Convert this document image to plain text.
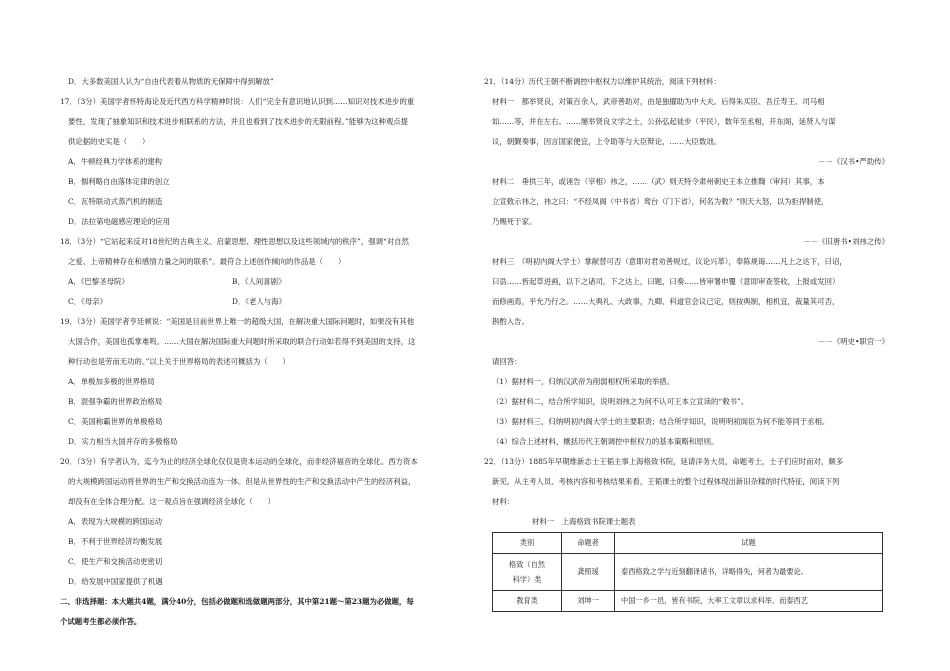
D．大多数美国人认为“自由代表着从物质的无保障中得到解放”
17．（3分）美国学者怀特海论及近代西方科学精神时说：人们“完全有意识地认识到……知识对技术进步的重
要性，发现了抽象知识和技术进步相联系的方法，并且也看到了技术进步的无限前程。”能够为这种观点提
供论据的史实是（　　）
A．牛顿经典力学体系的建构
B．伽利略自由落体定律的创立
C．瓦特联动式蒸汽机的制造
D．法拉第电磁感应理论的应用
18．（3分）“它站起来反对18世纪的古典主义、启蒙思想、理性思想以及这些领域内的秩序”，强调“对自然
之爱、上帝精神存在和感情力量之间的联系”。最符合上述创作倾向的作品是（　　）
A．《巴黎圣母院》	B．《人间喜剧》
C．《母亲》	D．《老人与海》
19．（3分）美国学者亨廷顿说：“美国是目前世界上唯一的超级大国，在解决重大国际问题时，如果没有其他
大国合作，美国也孤掌难鸣。……大国在解决国际重大问题时所采取的联合行动如若得不到美国的支持，这
种行动也是劳而无功的。”以上关于世界格局的表述可概括为（　　）
A．单极加多极的世界格局
B．混强争霸的世界政治格局
C．美国称霸世界的单极格局
D．实力相当大国并存的多极格局
20．（3分）有学者认为，迄今为止的经济全球化仅仅是资本运动的全球化，而非经济福音的全球化。西方资本
的大规模跨国运动将世界的生产和交换活动连为一体。但是从世界性的生产和交换活动中产生的经济利益，
却没有在全体合理分配。这一观点旨在强调经济全球化（　　）
A．表现为大规模的跨国运动
B．不利于世界经济均衡发展
C．使生产和交换活动更密切
D．给发展中国家提供了机遇
二、非选择题：本大题共4题，满分40分，包括必做题和选做题两部分，其中第21题～第23题为必做题，每
个试题考生都必须作答。
21．（14分）历代王朝不断调控中枢权力以维护其统治，阅读下列材料：
材料一　都举贤良，对策百余人，武帝善助对，由是独擢助为中大夫。后得朱买臣、吾丘寿王、司马相
如……等，并在左右。……屡举贤良文学之士，公孙弘起徒步（平民），数年至丞相，开东阁，延贤人与谋
议，朝觐奏事，因言国家便宜，上令助等与大臣辩论，……大臣数诎。
－－《汉书•严助传》
材料二　垂拱三年，或诬告（宰相）祎之，……（武）则天特令肃州刺史王本立推鞫（审问）其事，本
立宣敕示祎之，祎之曰：“不经凤阁（中书省）鸾台（门下省），何名为敕？”则天大怒，以为拒捍制使，
乃赐死于家。
－－《旧唐书•刘祎之传》
材料三　（明初内阁大学士）掌献替可否（意即对君劝善规过，议论兴革），奉陈规诲……凡上之达下，曰诏，
曰诰……皆起草进画，以下之诸司。下之达上，曰题，曰奏……皆审署申覆（意即审查签收，上报或发回）
而修画焉，平允乃行之。……大典礼、大政事，九卿、科道官会议已定，则按典制，相机宜，裁量其可否，
斟酌入告。
－－《明史•职官一》
请回答：
（1）据材料一，归纳汉武帝为削弱相权所采取的举措。
（2）据材料二，结合所学知识，说明刘祎之为何不认可王本立宣读的“敕书”。
（3）据材料三，归纳明初内阁大学士的主要职责；结合所学知识，说明明初阁臣为何不能等同于丞相。
（4）综合上述材料，概括历代王朝调控中枢权力的基本策略和原则。
22．（13分）1885年早期维新志士王韬主事上海格致书院，延请洋务大员，命题考士，士子们应时而对，颇多
新见。从主考人员、考核内容和考核结果来看，王韬课士的整个过程体现出新旧杂糅的时代特征，阅读下列
材料：
材料一　上海格致书院课士题表
类别	命题者	试题
格致（自然
科学）类	龚照瑗	泰西格致之学与近刻翻译诸书，详略得失，何者为最要论。
教育类	刘坤一	中国一乡一邑，皆有书院，大率工文章以求科举。而泰西艺
